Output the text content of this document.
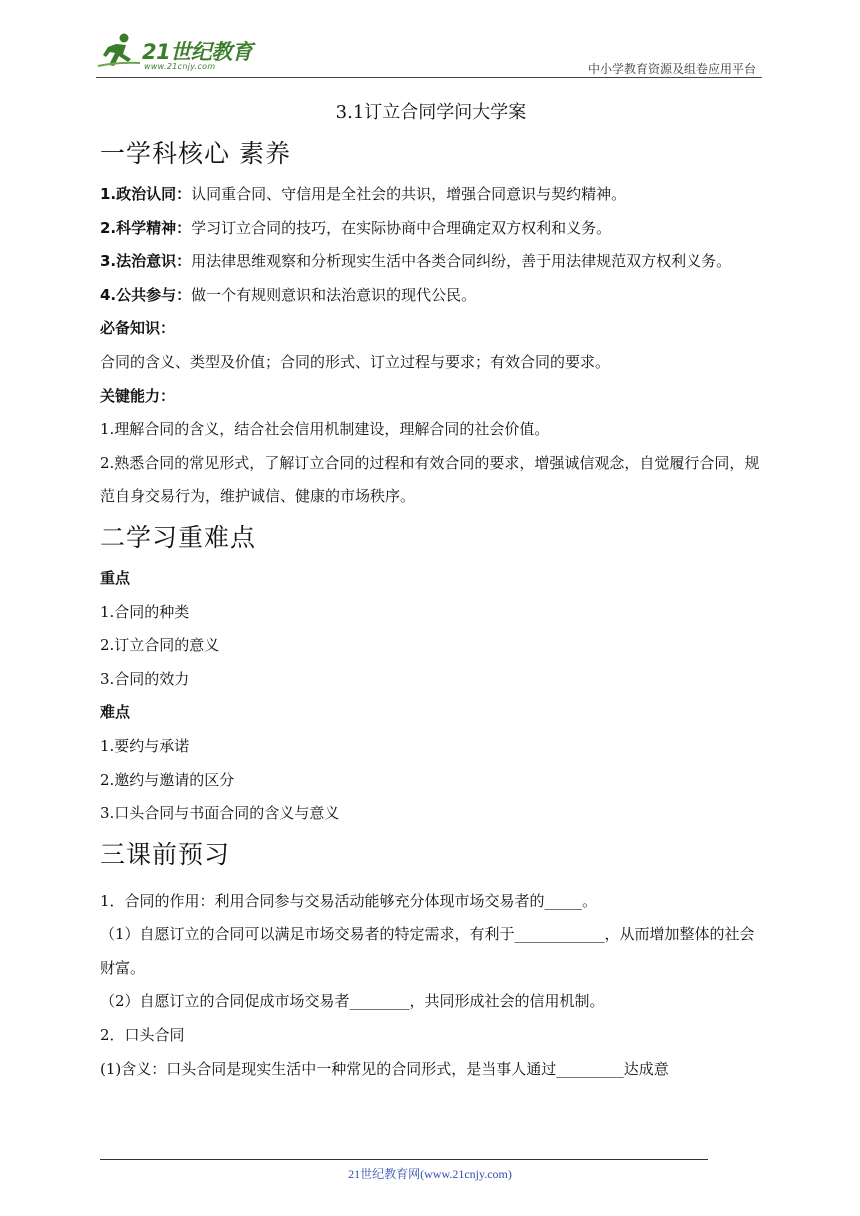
21世纪教育
www.21cnjy.com	中小学教育资源及组卷应用平台

3.1订立合同学问大学案

一学科核心 素养

1.政治认同：认同重合同、守信用是全社会的共识，增强合同意识与契约精神。

2.科学精神：学习订立合同的技巧，在实际协商中合理确定双方权利和义务。

3.法治意识：用法律思维观察和分析现实生活中各类合同纠纷，善于用法律规范双方权利义务。

4.公共参与：做一个有规则意识和法治意识的现代公民。

必备知识：

合同的含义、类型及价值；合同的形式、订立过程与要求；有效合同的要求。

关键能力：

1.理解合同的含义，结合社会信用机制建设，理解合同的社会价值。

2.熟悉合同的常见形式，了解订立合同的过程和有效合同的要求，增强诚信观念，自觉履行合同，规范自身交易行为，维护诚信、健康的市场秩序。

二学习重难点

重点

1.合同的种类

2.订立合同的意义

3.合同的效力

难点

1.要约与承诺

2.邀约与邀请的区分

3.口头合同与书面合同的含义与意义

三课前预习

1．合同的作用：利用合同参与交易活动能够充分体现市场交易者的_____。

（1）自愿订立的合同可以满足市场交易者的特定需求，有利于____________，从而增加整体的社会财富。

（2）自愿订立的合同促成市场交易者________，共同形成社会的信用机制。

2．口头合同

(1)含义：口头合同是现实生活中一种常见的合同形式，是当事人通过_________达成意

21世纪教育网(www.21cnjy.com)
